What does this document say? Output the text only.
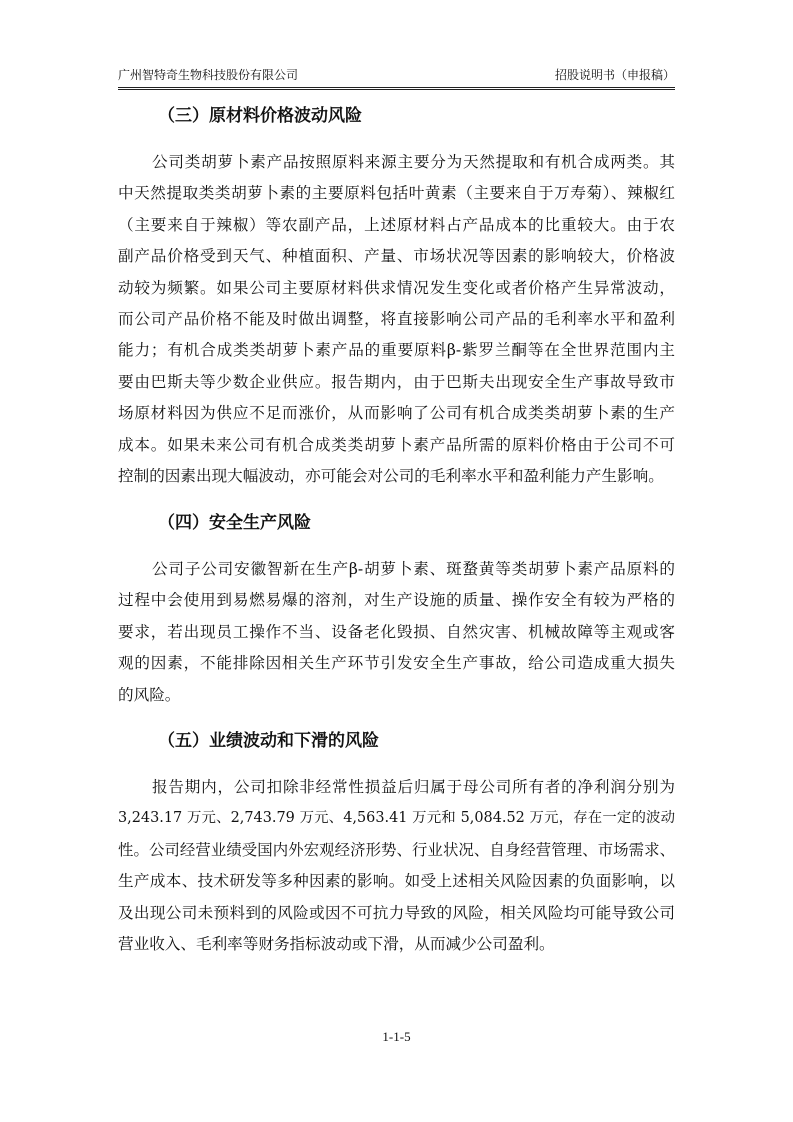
广州智特奇生物科技股份有限公司	招股说明书（申报稿）
（三）原材料价格波动风险
公司类胡萝卜素产品按照原料来源主要分为天然提取和有机合成两类。其
中天然提取类类胡萝卜素的主要原料包括叶黄素（主要来自于万寿菊）、辣椒红
（主要来自于辣椒）等农副产品，上述原材料占产品成本的比重较大。由于农
副产品价格受到天气、种植面积、产量、市场状况等因素的影响较大，价格波
动较为频繁。如果公司主要原材料供求情况发生变化或者价格产生异常波动，
而公司产品价格不能及时做出调整，将直接影响公司产品的毛利率水平和盈利
能力；有机合成类类胡萝卜素产品的重要原料β-紫罗兰酮等在全世界范围内主
要由巴斯夫等少数企业供应。报告期内，由于巴斯夫出现安全生产事故导致市
场原材料因为供应不足而涨价，从而影响了公司有机合成类类胡萝卜素的生产
成本。如果未来公司有机合成类类胡萝卜素产品所需的原料价格由于公司不可
控制的因素出现大幅波动，亦可能会对公司的毛利率水平和盈利能力产生影响。
（四）安全生产风险
公司子公司安徽智新在生产β-胡萝卜素、斑蝥黄等类胡萝卜素产品原料的
过程中会使用到易燃易爆的溶剂，对生产设施的质量、操作安全有较为严格的
要求，若出现员工操作不当、设备老化毁损、自然灾害、机械故障等主观或客
观的因素，不能排除因相关生产环节引发安全生产事故，给公司造成重大损失
的风险。
（五）业绩波动和下滑的风险
报告期内，公司扣除非经常性损益后归属于母公司所有者的净利润分别为
3,243.17 万元、2,743.79 万元、4,563.41 万元和 5,084.52 万元，存在一定的波动
性。公司经营业绩受国内外宏观经济形势、行业状况、自身经营管理、市场需求、
生产成本、技术研发等多种因素的影响。如受上述相关风险因素的负面影响，以
及出现公司未预料到的风险或因不可抗力导致的风险，相关风险均可能导致公司
营业收入、毛利率等财务指标波动或下滑，从而减少公司盈利。
1-1-5
